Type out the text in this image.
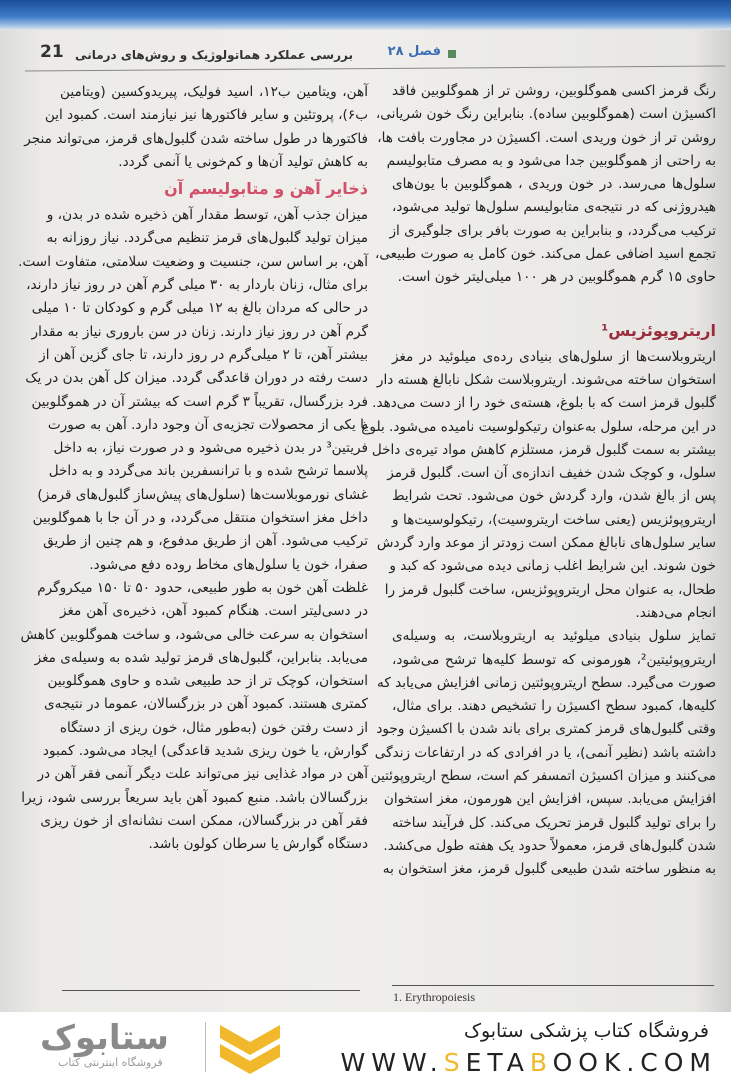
فصل ۲۸
بررسی عملکرد هماتولوژیک و روش‌های درمانی
21
رنگ قرمز اکسی هموگلوبین، روشن تر از هموگلوبین فاقد
اکسیژن است (هموگلوبین ساده). بنابراین رنگ خون شریانی،
روشن تر از خون وریدی است. اکسیژن در مجاورت بافت ها،
به راحتی از هموگلوبین جدا می‌شود و به مصرف متابولیسم
سلول‌ها می‌رسد. در خون وریدی ، هموگلوبین با یون‌های
هیدروژنی که در نتیجه‌ی متابولیسم سلول‌ها تولید می‌شود،
ترکیب می‌گردد، و بنابراین به صورت بافر برای جلوگیری از
تجمع اسید اضافی عمل می‌کند. خون کامل به صورت طبیعی،
حاوی ۱۵ گرم هموگلوبین در هر ۱۰۰ میلی‌لیتر خون است.
اریتروپوئزیس¹
اریتروبلاست‌ها از سلول‌های بنیادی رده‌ی میلوئید در مغز
استخوان ساخته می‌شوند. اریتروبلاست شکل نابالغ هسته دار
گلبول قرمز است که با بلوغ، هسته‌ی خود را از دست می‌دهد.
در این مرحله، سلول به‌عنوان رتیکولوسیت نامیده می‌شود. بلوغ
بیشتر به سمت گلبول قرمز، مستلزم کاهش مواد تیره‌ی داخل
سلول، و کوچک شدن خفیف اندازه‌ی آن است. گلبول قرمز
پس از بالغ شدن، وارد گردش خون می‌شود. تحت شرایط
اریتروپوئزیس (یعنی ساخت اریتروسیت)، رتیکولوسیت‌ها و
سایر سلول‌های نابالغ ممکن است زودتر از موعد وارد گردش
خون شوند. این شرایط اغلب زمانی دیده می‌شود که کبد و
طحال، به عنوان محل اریتروپوئزیس، ساخت گلبول قرمز را
انجام می‌دهند.
تمایز سلول بنیادی میلوئید به اریتروبلاست، به وسیله‌ی
اریتروپوئیتین²، هورمونی که توسط کلیه‌ها ترشح می‌شود،
صورت می‌گیرد. سطح اریتروپوئتین زمانی افزایش می‌یابد که
کلیه‌ها، کمبود سطح اکسیژن را تشخیص دهند. برای مثال،
وقتی گلبول‌های قرمز کمتری برای باند شدن با اکسیژن وجود
داشته باشد (نظیر آنمی)، یا در افرادی که در ارتفاعات زندگی
می‌کنند و میزان اکسیژن اتمسفر کم است، سطح اریتروپوئتین
افزایش می‌یابد. سپس، افزایش این هورمون، مغز استخوان
را برای تولید گلبول قرمز تحریک می‌کند. کل فرآیند ساخته
شدن گلبول‌های قرمز، معمولاً حدود یک هفته طول می‌کشد.
به منظور ساخته شدن طبیعی گلبول قرمز، مغز استخوان به
آهن، ویتامین ب۱۲، اسید فولیک، پیریدوکسین (ویتامین
ب۶)، پروتئین و سایر فاکتورها نیز نیازمند است. کمبود این
فاکتورها در طول ساخته شدن گلبول‌های قرمز، می‌تواند منجر
به کاهش تولید آن‌ها و کم‌خونی یا آنمی گردد.
ذخایر آهن و متابولیسم آن
میزان جذب آهن، توسط مقدار آهن ذخیره شده در بدن، و
میزان تولید گلبول‌های قرمز تنظیم می‌گردد. نیاز روزانه به
آهن، بر اساس سن، جنسیت و وضعیت سلامتی، متفاوت است.
برای مثال، زنان باردار به ۳۰ میلی گرم آهن در روز نیاز دارند،
در حالی که مردان بالغ به ۱۲ میلی گرم و کودکان تا ۱۰ میلی
گرم آهن در روز نیاز دارند. زنان در سن باروری نیاز به مقدار
بیشتر آهن، تا ۲ میلی‌گرم در روز دارند، تا جای گزین آهن از
دست رفته در دوران قاعدگی گردد. میزان کل آهن بدن در یک
فرد بزرگسال، تقریباً ۳ گرم است که بیشتر آن در هموگلوبین
یا یکی از محصولات تجزیه‌ی آن وجود دارد. آهن به صورت
فریتین³ در بدن ذخیره می‌شود و در صورت نیاز، به داخل
پلاسما ترشح شده و با ترانسفرین باند می‌گردد و به داخل
غشای نورموبلاست‌ها (سلول‌های پیش‌ساز گلبول‌های قرمز)
داخل مغز استخوان منتقل می‌گردد، و در آن جا با هموگلوبین
ترکیب می‌شود. آهن از طریق مدفوع، و هم چنین از طریق
صفرا، خون یا سلول‌های مخاط روده دفع می‌شود.
غلظت آهن خون به طور طبیعی، حدود ۵۰ تا ۱۵۰ میکروگرم
در دسی‌لیتر است. هنگام کمبود آهن، ذخیره‌ی آهن مغز
استخوان به سرعت خالی می‌شود، و ساخت هموگلوبین کاهش
می‌یابد. بنابراین، گلبول‌های قرمز تولید شده به وسیله‌ی مغز
استخوان، کوچک تر از حد طبیعی شده و حاوی هموگلوبین
کمتری هستند. کمبود آهن در بزرگسالان، عموما در نتیجه‌ی
از دست رفتن خون (به‌طور مثال، خون ریزی از دستگاه
گوارش، یا خون ریزی شدید قاعدگی) ایجاد می‌شود. کمبود
آهن در مواد غذایی نیز می‌تواند علت دیگر آنمی فقر آهن در
بزرگسالان باشد. منبع کمبود آهن باید سریعاً بررسی شود، زیرا
فقر آهن در بزرگسالان، ممکن است نشانه‌ای از خون ریزی
دستگاه گوارش یا سرطان کولون باشد.
1. Erythropoiesis
ستابوک
فروشگاه اینترنتی کتاب
فروشگاه کتاب پزشکی ستابوک
WWW.SETABOOK.COM
